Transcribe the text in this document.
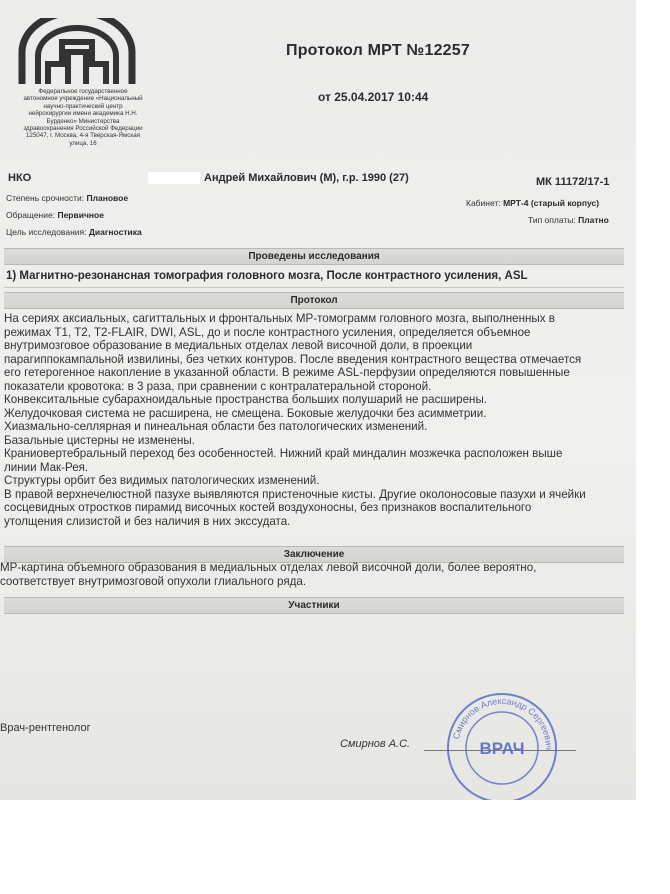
Федеральное государственное
автономное учреждение «Национальный
научно-практический центр
нейрохирургии имени академика Н.Н.
Бурденко» Министерства
здравоохранения Российской Федерации
125047, г. Москва, 4-я Тверская-Ямская
улица, 16
Протокол МРТ №12257
от 25.04.2017 10:44
НКО	Андрей Михайлович (М), г.р. 1990 (27)	МК 11172/17-1
Степень срочности: Плановое	Кабинет: МРТ-4 (старый корпус)
Обращение: Первичное	Тип оплаты: Платно
Цель исследования: Диагностика
Проведены исследования
1) Магнитно-резонансная томография головного мозга, После контрастного усиления, ASL
Протокол

На сериях аксиальных, сагиттальных и фронтальных МР-томограмм головного мозга, выполненных в

режимах T1, T2, T2-FLAIR, DWI, ASL, до и после контрастного усиления, определяется объемное

внутримозговое образование в медиальных отделах левой височной доли, в проекции

парагиппокампальной извилины, без четких контуров. После введения контрастного вещества отмечается

его гетерогенное накопление в указанной области. В режиме ASL-перфузии определяются повышенные

показатели кровотока: в 3 раза, при сравнении с контралатеральной стороной.

Конвекситальные субарахноидальные пространства больших полушарий не расширены.

Желудочковая система не расширена, не смещена. Боковые желудочки без асимметрии.

Хиазмально-селлярная и пинеальная области без патологических изменений.

Базальные цистерны не изменены.

Краниовертебральный переход без особенностей. Нижний край миндалин мозжечка расположен выше

линии Мак-Рея.

Структуры орбит без видимых патологических изменений.

В правой верхнечелюстной пазухе выявляются пристеночные кисты. Другие околоносовые пазухи и ячейки

сосцевидных отростков пирамид височных костей воздухоносны, без признаков воспалительного

утолщения слизистой и без наличия в них экссудата.

Заключение

МР-картина объемного образования в медиальных отделах левой височной доли, более вероятно,

соответствует внутримозговой опухоли глиального ряда.

Участники
Врач-рентгенолог
Смирнов А.С.
Смирнов Александр Сергеевич
ВРАЧ
